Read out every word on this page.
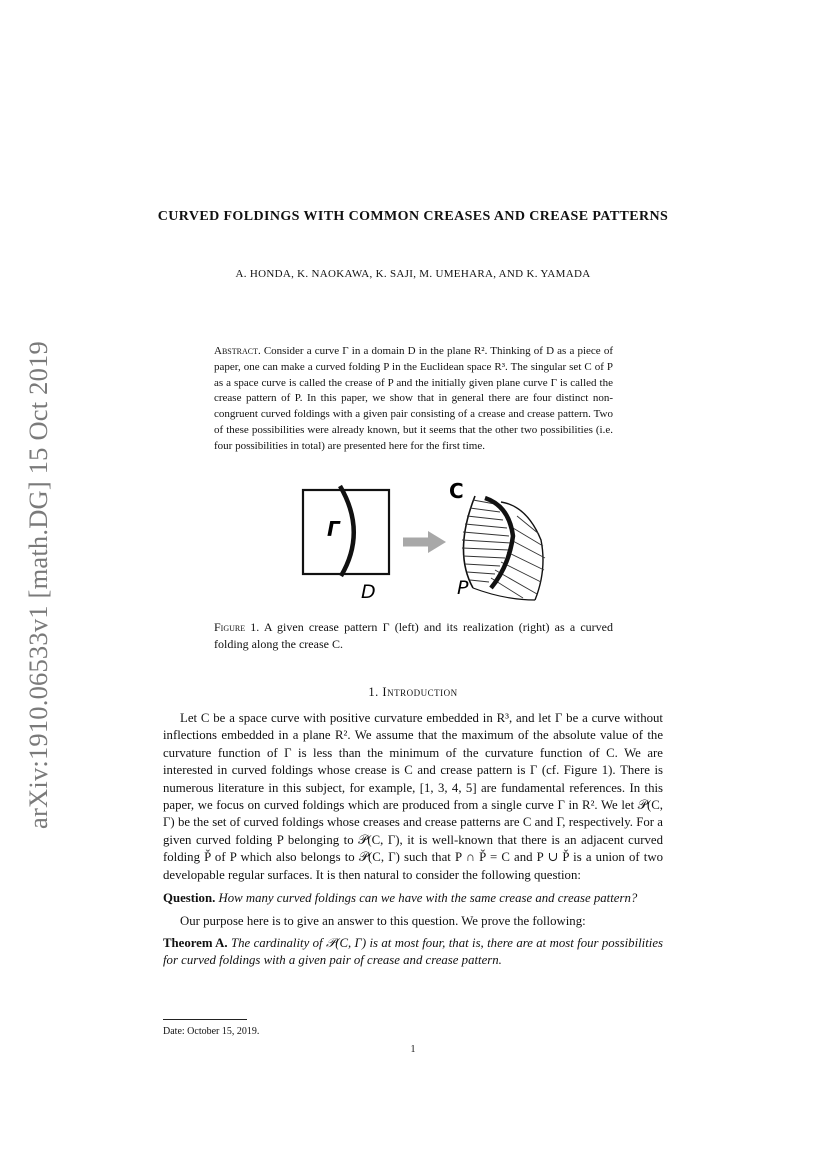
arXiv:1910.06533v1 [math.DG] 15 Oct 2019
CURVED FOLDINGS WITH COMMON CREASES AND CREASE PATTERNS
A. HONDA, K. NAOKAWA, K. SAJI, M. UMEHARA, AND K. YAMADA
Abstract. Consider a curve Γ in a domain D in the plane R². Thinking of D as a piece of paper, one can make a curved folding P in the Euclidean space R³. The singular set C of P as a space curve is called the crease of P and the initially given plane curve Γ is called the crease pattern of P. In this paper, we show that in general there are four distinct non-congruent curved foldings with a given pair consisting of a crease and crease pattern. Two of these possibilities were already known, but it seems that the other two possibilities (i.e. four possibilities in total) are presented here for the first time.
Γ
D
C
P
Figure 1. A given crease pattern Γ (left) and its realization (right) as a curved folding along the crease C.
1. Introduction

Let C be a space curve with positive curvature embedded in R³, and let Γ be a curve without inflections embedded in a plane R². We assume that the maximum of the absolute value of the curvature function of Γ is less than the minimum of the curvature function of C. We are interested in curved foldings whose crease is C and crease pattern is Γ (cf. Figure 1). There is numerous literature in this subject, for example, [1, 3, 4, 5] are fundamental references. In this paper, we focus on curved foldings which are produced from a single curve Γ in R². We let 𝒫(C, Γ) be the set of curved foldings whose creases and crease patterns are C and Γ, respectively. For a given curved folding P belonging to 𝒫(C, Γ), it is well-known that there is an adjacent curved folding P̌ of P which also belongs to 𝒫(C, Γ) such that P ∩ P̌ = C and P ∪ P̌ is a union of two developable regular surfaces. It is then natural to consider the following question:

Question. How many curved foldings can we have with the same crease and crease pattern?

Our purpose here is to give an answer to this question. We prove the following:

Theorem A. The cardinality of 𝒫(C, Γ) is at most four, that is, there are at most four possibilities for curved foldings with a given pair of crease and crease pattern.

Date: October 15, 2019.
1
